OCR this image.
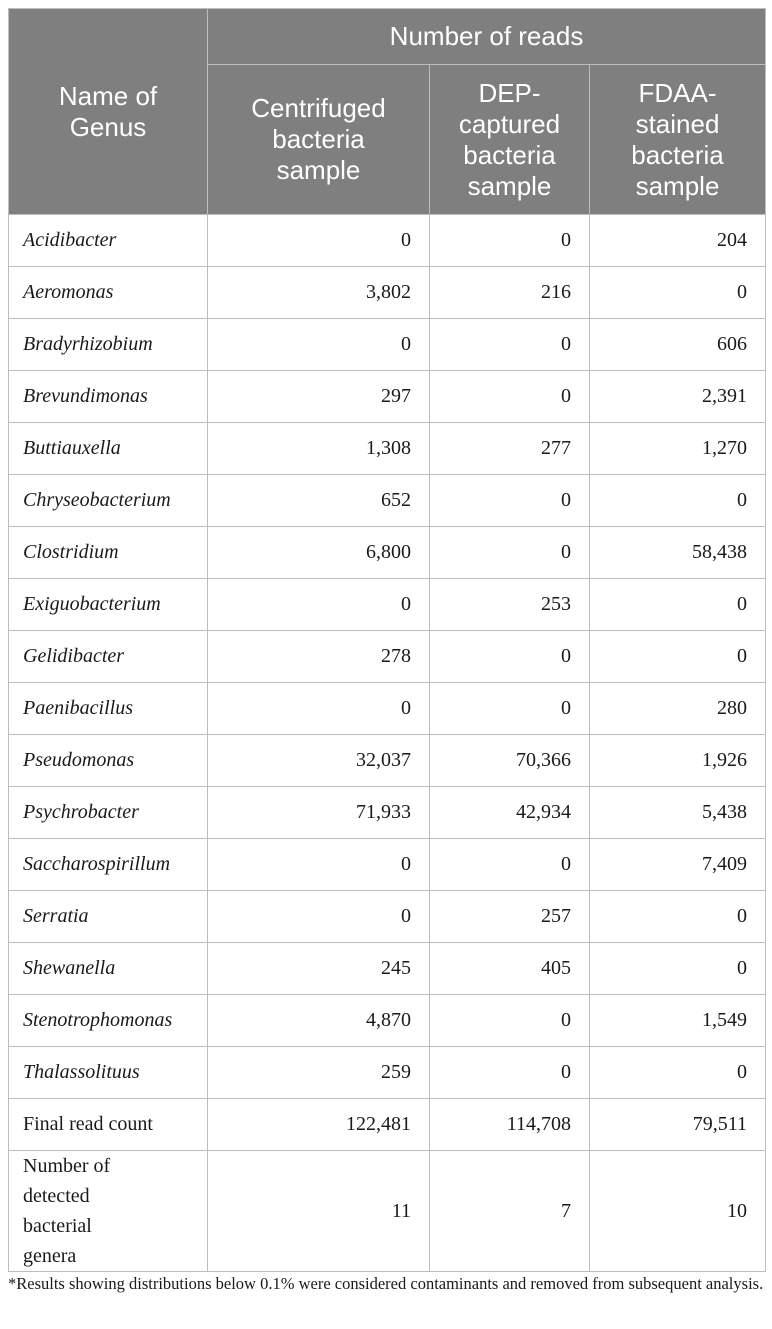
Name of Genus	Number of reads		
	Centrifuged bacteria sample	DEP-captured bacteria sample	FDAA-stained bacteria sample
Acidibacter	0	0	204
Aeromonas	3,802	216	0
Bradyrhizobium	0	0	606
Brevundimonas	297	0	2,391
Buttiauxella	1,308	277	1,270
Chryseobacterium	652	0	0
Clostridium	6,800	0	58,438
Exiguobacterium	0	253	0
Gelidibacter	278	0	0
Paenibacillus	0	0	280
Pseudomonas	32,037	70,366	1,926
Psychrobacter	71,933	42,934	5,438
Saccharospirillum	0	0	7,409
Serratia	0	257	0
Shewanella	245	405	0
Stenotrophomonas	4,870	0	1,549
Thalassolituus	259	0	0
Final read count	122,481	114,708	79,511
Number of detected bacterial genera	11	7	10
*Results showing distributions below 0.1% were considered contaminants and removed from subsequent analysis.
